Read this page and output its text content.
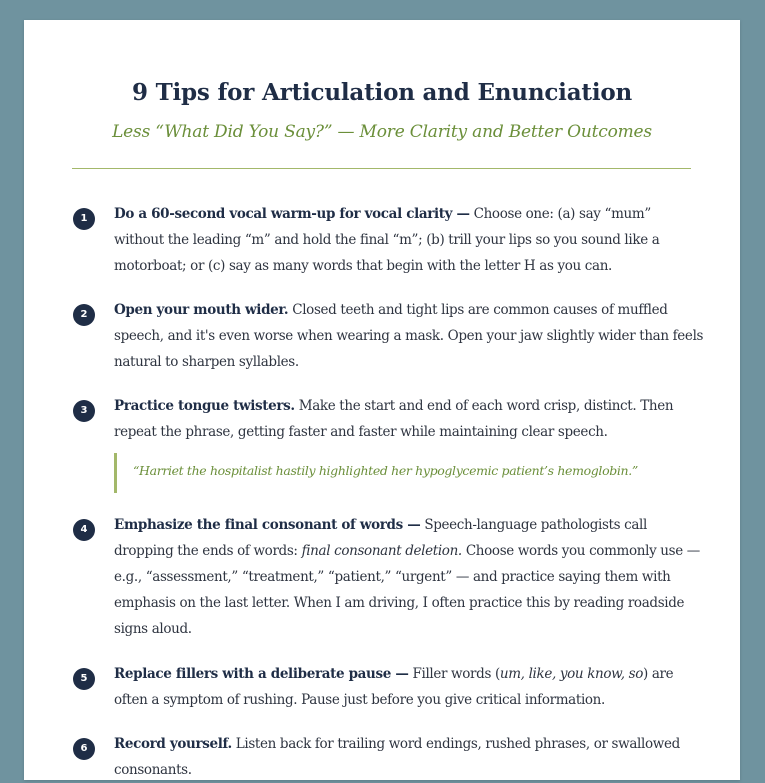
9 Tips for Articulation and Enunciation

Less “What Did You Say?” — More Clarity and Better Outcomes

1	Do a 60-second vocal warm-up for vocal clarity — Choose one: (a) say “mum” without the leading “m” and hold the final “m”; (b) trill your lips so you sound like a motorboat; or (c) say as many words that begin with the letter H as you can.

2	Open your mouth wider. Closed teeth and tight lips are common causes of muffled speech, and it's even worse when wearing a mask. Open your jaw slightly wider than feels natural to sharpen syllables.

3	Practice tongue twisters. Make the start and end of each word crisp, distinct. Then repeat the phrase, getting faster and faster while maintaining clear speech.

“Harriet the hospitalist hastily highlighted her hypoglycemic patient’s hemoglobin.”
4	Emphasize the final consonant of words — Speech-language pathologists call dropping the ends of words: final consonant deletion. Choose words you commonly use — e.g., “assessment,” “treatment,” “patient,” “urgent” — and practice saying them with emphasis on the last letter. When I am driving, I often practice this by reading roadside signs aloud.

5	Replace fillers with a deliberate pause — Filler words (um, like, you know, so) are often a symptom of rushing. Pause just before you give critical information.

6	Record yourself. Listen back for trailing word endings, rushed phrases, or swallowed consonants.
